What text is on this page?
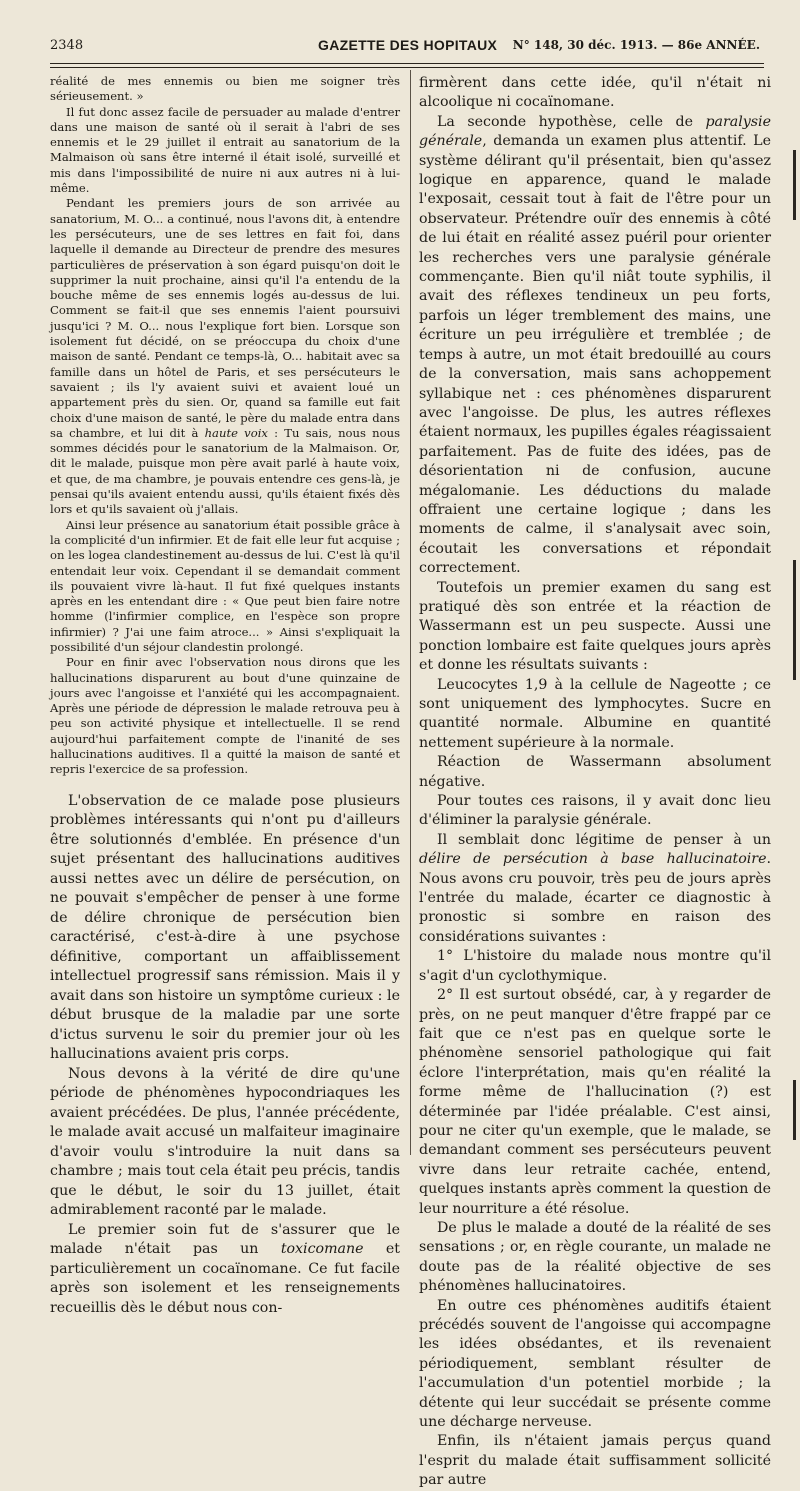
2348	GAZETTE DES HOPITAUX N° 148, 30 déc. 1913. — 86e ANNÉE.

réalité de mes ennemis ou bien me soigner très sérieusement. »

Il fut donc assez facile de persuader au malade d'entrer dans une maison de santé où il serait à l'abri de ses ennemis et le 29 juillet il entrait au sanatorium de la Malmaison où sans être interné il était isolé, surveillé et mis dans l'impossibilité de nuire ni aux autres ni à lui-même.

Pendant les premiers jours de son arrivée au sanatorium, M. O... a continué, nous l'avons dit, à entendre les persécuteurs, une de ses lettres en fait foi, dans laquelle il demande au Directeur de prendre des mesures particulières de préservation à son égard puisqu'on doit le supprimer la nuit prochaine, ainsi qu'il l'a entendu de la bouche même de ses ennemis logés au-dessus de lui. Comment se fait-il que ses ennemis l'aient poursuivi jusqu'ici ? M. O... nous l'explique fort bien. Lorsque son isolement fut décidé, on se préoccupa du choix d'une maison de santé. Pendant ce temps-là, O... habitait avec sa famille dans un hôtel de Paris, et ses persécuteurs le savaient ; ils l'y avaient suivi et avaient loué un appartement près du sien. Or, quand sa famille eut fait choix d'une maison de santé, le père du malade entra dans sa chambre, et lui dit à haute voix : Tu sais, nous nous sommes décidés pour le sanatorium de la Malmaison. Or, dit le malade, puisque mon père avait parlé à haute voix, et que, de ma chambre, je pouvais entendre ces gens-là, je pensai qu'ils avaient entendu aussi, qu'ils étaient fixés dès lors et qu'ils savaient où j'allais.

Ainsi leur présence au sanatorium était possible grâce à la complicité d'un infirmier. Et de fait elle leur fut acquise ; on les logea clandestinement au-dessus de lui. C'est là qu'il entendait leur voix. Cependant il se demandait comment ils pouvaient vivre là-haut. Il fut fixé quelques instants après en les entendant dire : « Que peut bien faire notre homme (l'infirmier complice, en l'espèce son propre infirmier) ? J'ai une faim atroce... » Ainsi s'expliquait la possibilité d'un séjour clandestin prolongé.

Pour en finir avec l'observation nous dirons que les hallucinations disparurent au bout d'une quinzaine de jours avec l'angoisse et l'anxiété qui les accompagnaient. Après une période de dépression le malade retrouva peu à peu son activité physique et intellectuelle. Il se rend aujourd'hui parfaitement compte de l'inanité de ses hallucinations auditives. Il a quitté la maison de santé et repris l'exercice de sa profession.

L'observation de ce malade pose plusieurs problèmes intéressants qui n'ont pu d'ailleurs être solutionnés d'emblée. En présence d'un sujet présentant des hallucinations auditives aussi nettes avec un délire de persécution, on ne pouvait s'empêcher de penser à une forme de délire chronique de persécution bien caractérisé, c'est-à-dire à une psychose définitive, comportant un affaiblissement intellectuel progressif sans rémission. Mais il y avait dans son histoire un symptôme curieux : le début brusque de la maladie par une sorte d'ictus survenu le soir du premier jour où les hallucinations avaient pris corps.

Nous devons à la vérité de dire qu'une période de phénomènes hypocondriaques les avaient précédées. De plus, l'année précédente, le malade avait accusé un malfaiteur imaginaire d'avoir voulu s'introduire la nuit dans sa chambre ; mais tout cela était peu précis, tandis que le début, le soir du 13 juillet, était admirablement raconté par le malade.

Le premier soin fut de s'assurer que le malade n'était pas un toxicomane et particulièrement un cocaïnomane. Ce fut facile après son isolement et les renseignements recueillis dès le début nous con-

firmèrent dans cette idée, qu'il n'était ni alcoolique ni cocaïnomane.

La seconde hypothèse, celle de paralysie générale, demanda un examen plus attentif. Le système délirant qu'il présentait, bien qu'assez logique en apparence, quand le malade l'exposait, cessait tout à fait de l'être pour un observateur. Prétendre ouïr des ennemis à côté de lui était en réalité assez puéril pour orienter les recherches vers une paralysie générale commençante. Bien qu'il niât toute syphilis, il avait des réflexes tendineux un peu forts, parfois un léger tremblement des mains, une écriture un peu irrégulière et tremblée ; de temps à autre, un mot était bredouillé au cours de la conversation, mais sans achoppement syllabique net : ces phénomènes disparurent avec l'angoisse. De plus, les autres réflexes étaient normaux, les pupilles égales réagissaient parfaitement. Pas de fuite des idées, pas de désorientation ni de confusion, aucune mégalomanie. Les déductions du malade offraient une certaine logique ; dans les moments de calme, il s'analysait avec soin, écoutait les conversations et répondait correctement.

Toutefois un premier examen du sang est pratiqué dès son entrée et la réaction de Wassermann est un peu suspecte. Aussi une ponction lombaire est faite quelques jours après et donne les résultats suivants :

Leucocytes 1,9 à la cellule de Nageotte ; ce sont uniquement des lymphocytes. Sucre en quantité normale. Albumine en quantité nettement supérieure à la normale.

Réaction de Wassermann absolument négative.

Pour toutes ces raisons, il y avait donc lieu d'éliminer la paralysie générale.

Il semblait donc légitime de penser à un délire de persécution à base hallucinatoire. Nous avons cru pouvoir, très peu de jours après l'entrée du malade, écarter ce diagnostic à pronostic si sombre en raison des considérations suivantes :

1° L'histoire du malade nous montre qu'il s'agit d'un cyclothymique.

2° Il est surtout obsédé, car, à y regarder de près, on ne peut manquer d'être frappé par ce fait que ce n'est pas en quelque sorte le phénomène sensoriel pathologique qui fait éclore l'interprétation, mais qu'en réalité la forme même de l'hallucination (?) est déterminée par l'idée préalable. C'est ainsi, pour ne citer qu'un exemple, que le malade, se demandant comment ses persécuteurs peuvent vivre dans leur retraite cachée, entend, quelques instants après comment la question de leur nourriture a été résolue.

De plus le malade a douté de la réalité de ses sensations ; or, en règle courante, un malade ne doute pas de la réalité objective de ses phénomènes hallucinatoires.

En outre ces phénomènes auditifs étaient précédés souvent de l'angoisse qui accompagne les idées obsédantes, et ils revenaient périodiquement, semblant résulter de l'accumulation d'un potentiel morbide ; la détente qui leur succédait se présente comme une décharge nerveuse.

Enfin, ils n'étaient jamais perçus quand l'esprit du malade était suffisamment sollicité par autre
